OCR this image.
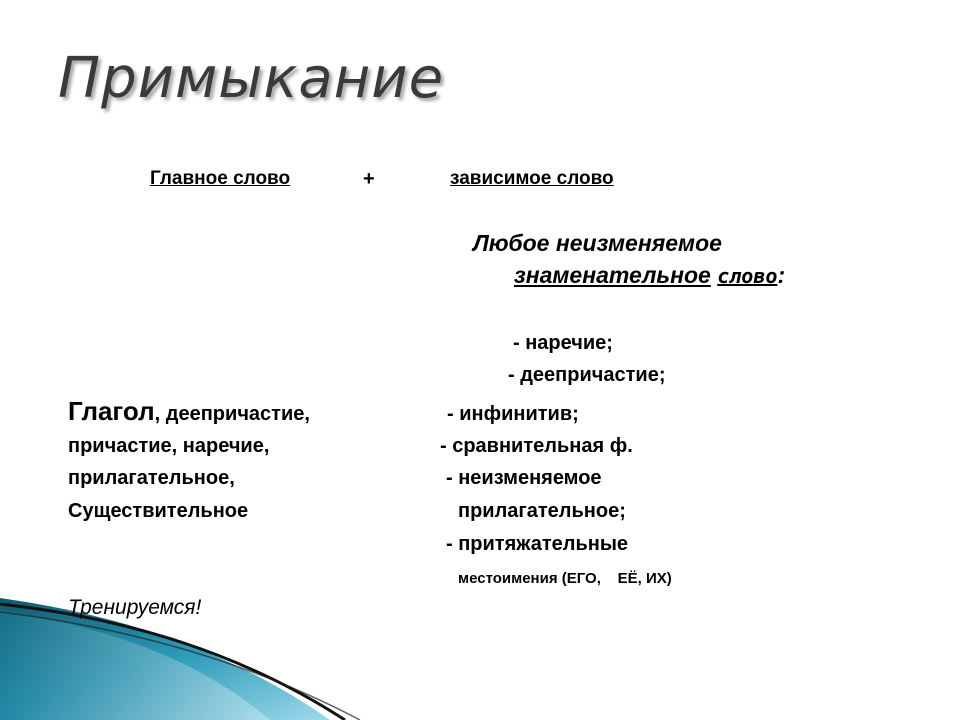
Примыкание
Главное слово	+	зависимое слово
Любое неизменяемое
знаменательное слово:
- наречие;
- деепричастие;
- инфинитив;
- сравнительная ф.
- неизменяемое
прилагательное;
- притяжательные
местоимения (ЕГО,    ЕЁ, ИХ)
Глагол, деепричастие,
причастие, наречие,
прилагательное,
Существительное
Тренируемся!
